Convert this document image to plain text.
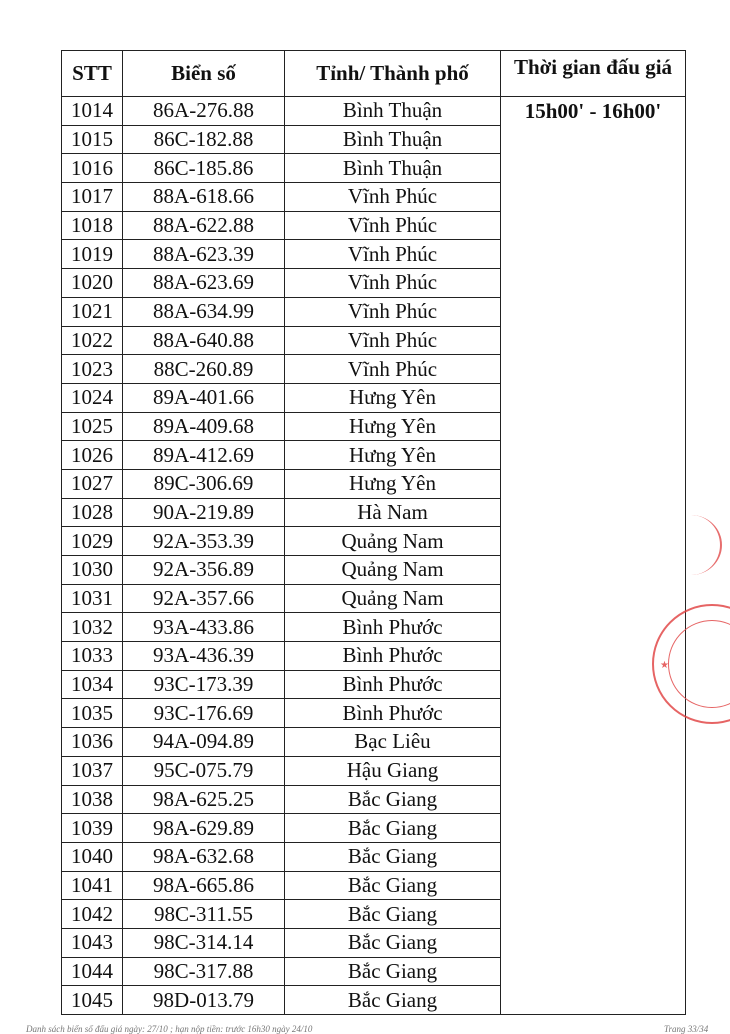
STT	Biển số	Tỉnh/ Thành phố	Thời gian đấu giá
1014	86A-276.88	Bình Thuận	15h00' - 16h00'
1015	86C-182.88	Bình Thuận	
1016	86C-185.86	Bình Thuận	
1017	88A-618.66	Vĩnh Phúc	
1018	88A-622.88	Vĩnh Phúc	
1019	88A-623.39	Vĩnh Phúc	
1020	88A-623.69	Vĩnh Phúc	
1021	88A-634.99	Vĩnh Phúc	
1022	88A-640.88	Vĩnh Phúc	
1023	88C-260.89	Vĩnh Phúc	
1024	89A-401.66	Hưng Yên	
1025	89A-409.68	Hưng Yên	
1026	89A-412.69	Hưng Yên	
1027	89C-306.69	Hưng Yên	
1028	90A-219.89	Hà Nam	
1029	92A-353.39	Quảng Nam	
1030	92A-356.89	Quảng Nam	
1031	92A-357.66	Quảng Nam	
1032	93A-433.86	Bình Phước	
1033	93A-436.39	Bình Phước	
1034	93C-173.39	Bình Phước	
1035	93C-176.69	Bình Phước	
1036	94A-094.89	Bạc Liêu	
1037	95C-075.79	Hậu Giang	
1038	98A-625.25	Bắc Giang	
1039	98A-629.89	Bắc Giang	
1040	98A-632.68	Bắc Giang	
1041	98A-665.86	Bắc Giang	
1042	98C-311.55	Bắc Giang	
1043	98C-314.14	Bắc Giang	
1044	98C-317.88	Bắc Giang	
1045	98D-013.79	Bắc Giang	
★
Danh sách biển số đấu giá ngày: 27/10 ; hạn nộp tiền: trước 16h30 ngày 24/10	Trang 33/34
